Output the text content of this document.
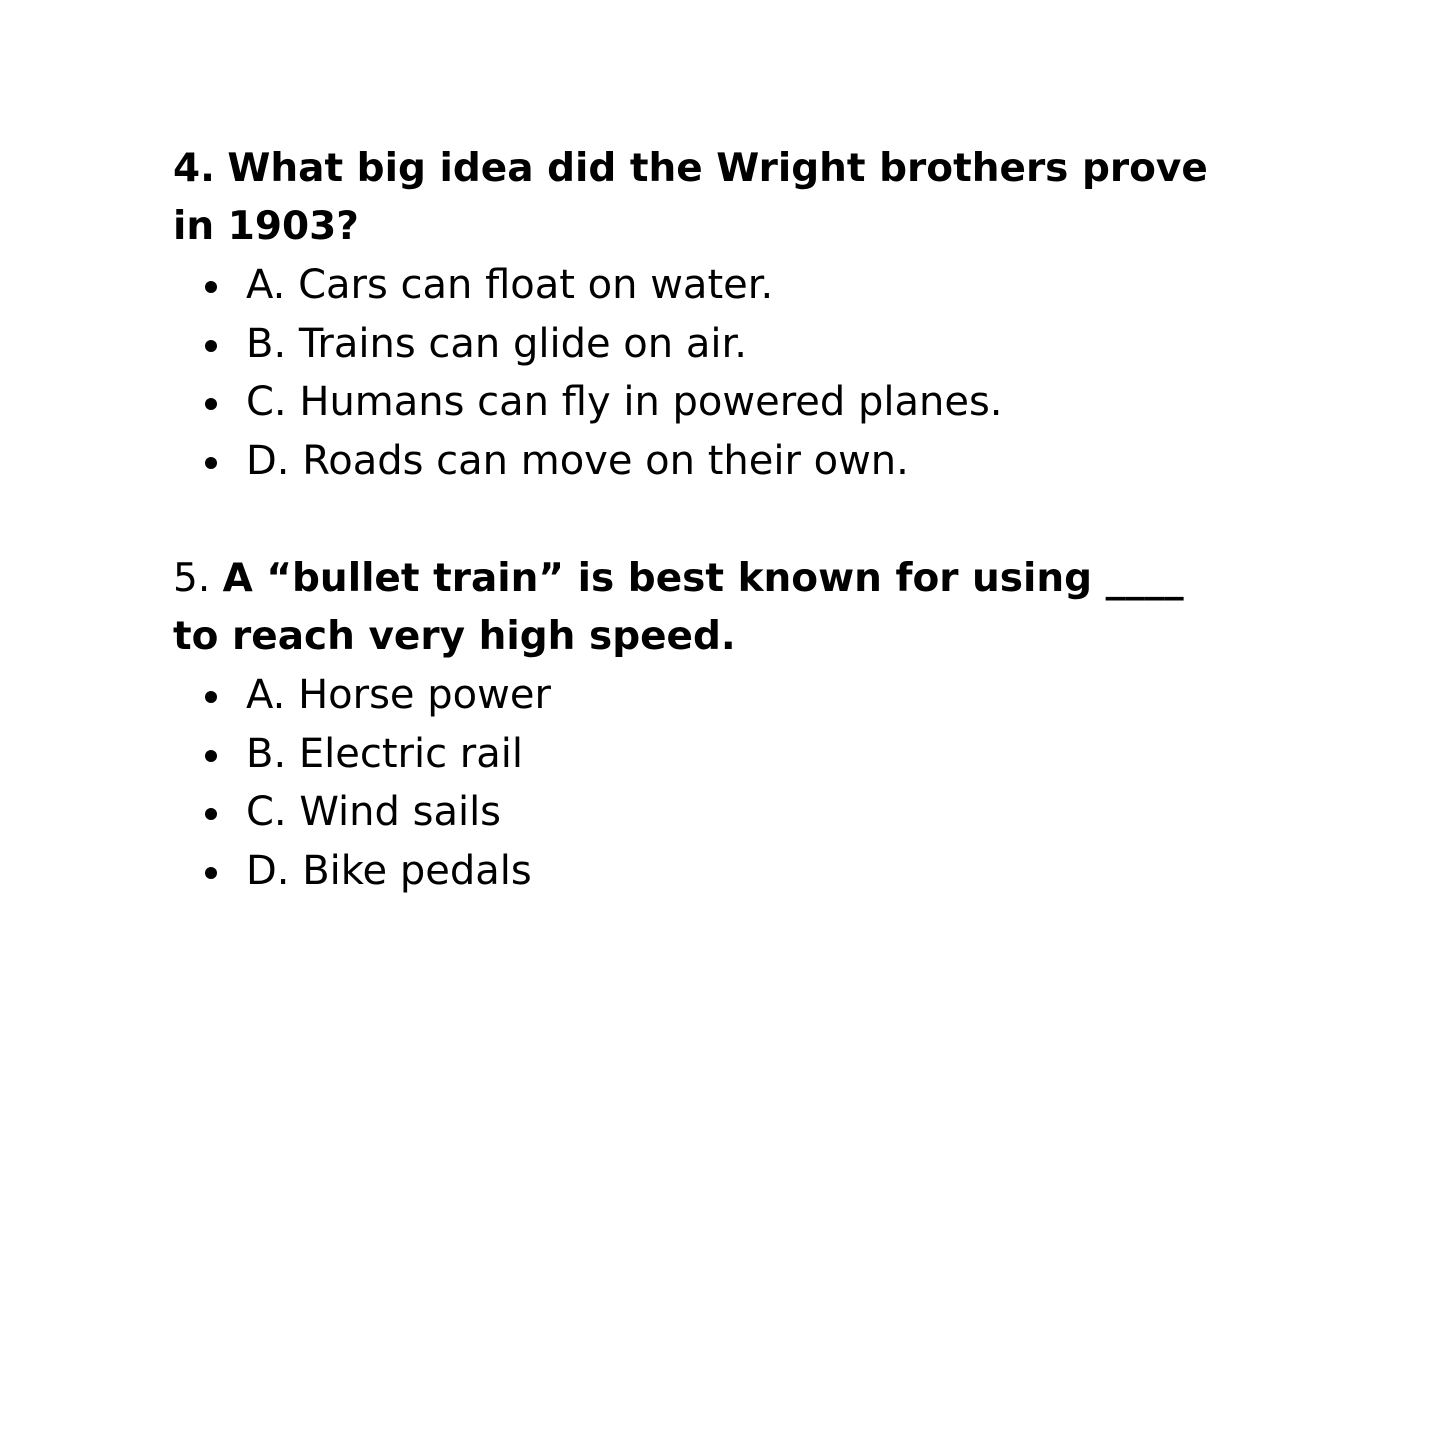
4. What big idea did the Wright brothers prove in 1903?

A. Cars can float on water.
B. Trains can glide on air.
C. Humans can fly in powered planes.
D. Roads can move on their own.

5. A “bullet train” is best known for using ____ to reach very high speed.

A. Horse power
B. Electric rail
C. Wind sails
D. Bike pedals
